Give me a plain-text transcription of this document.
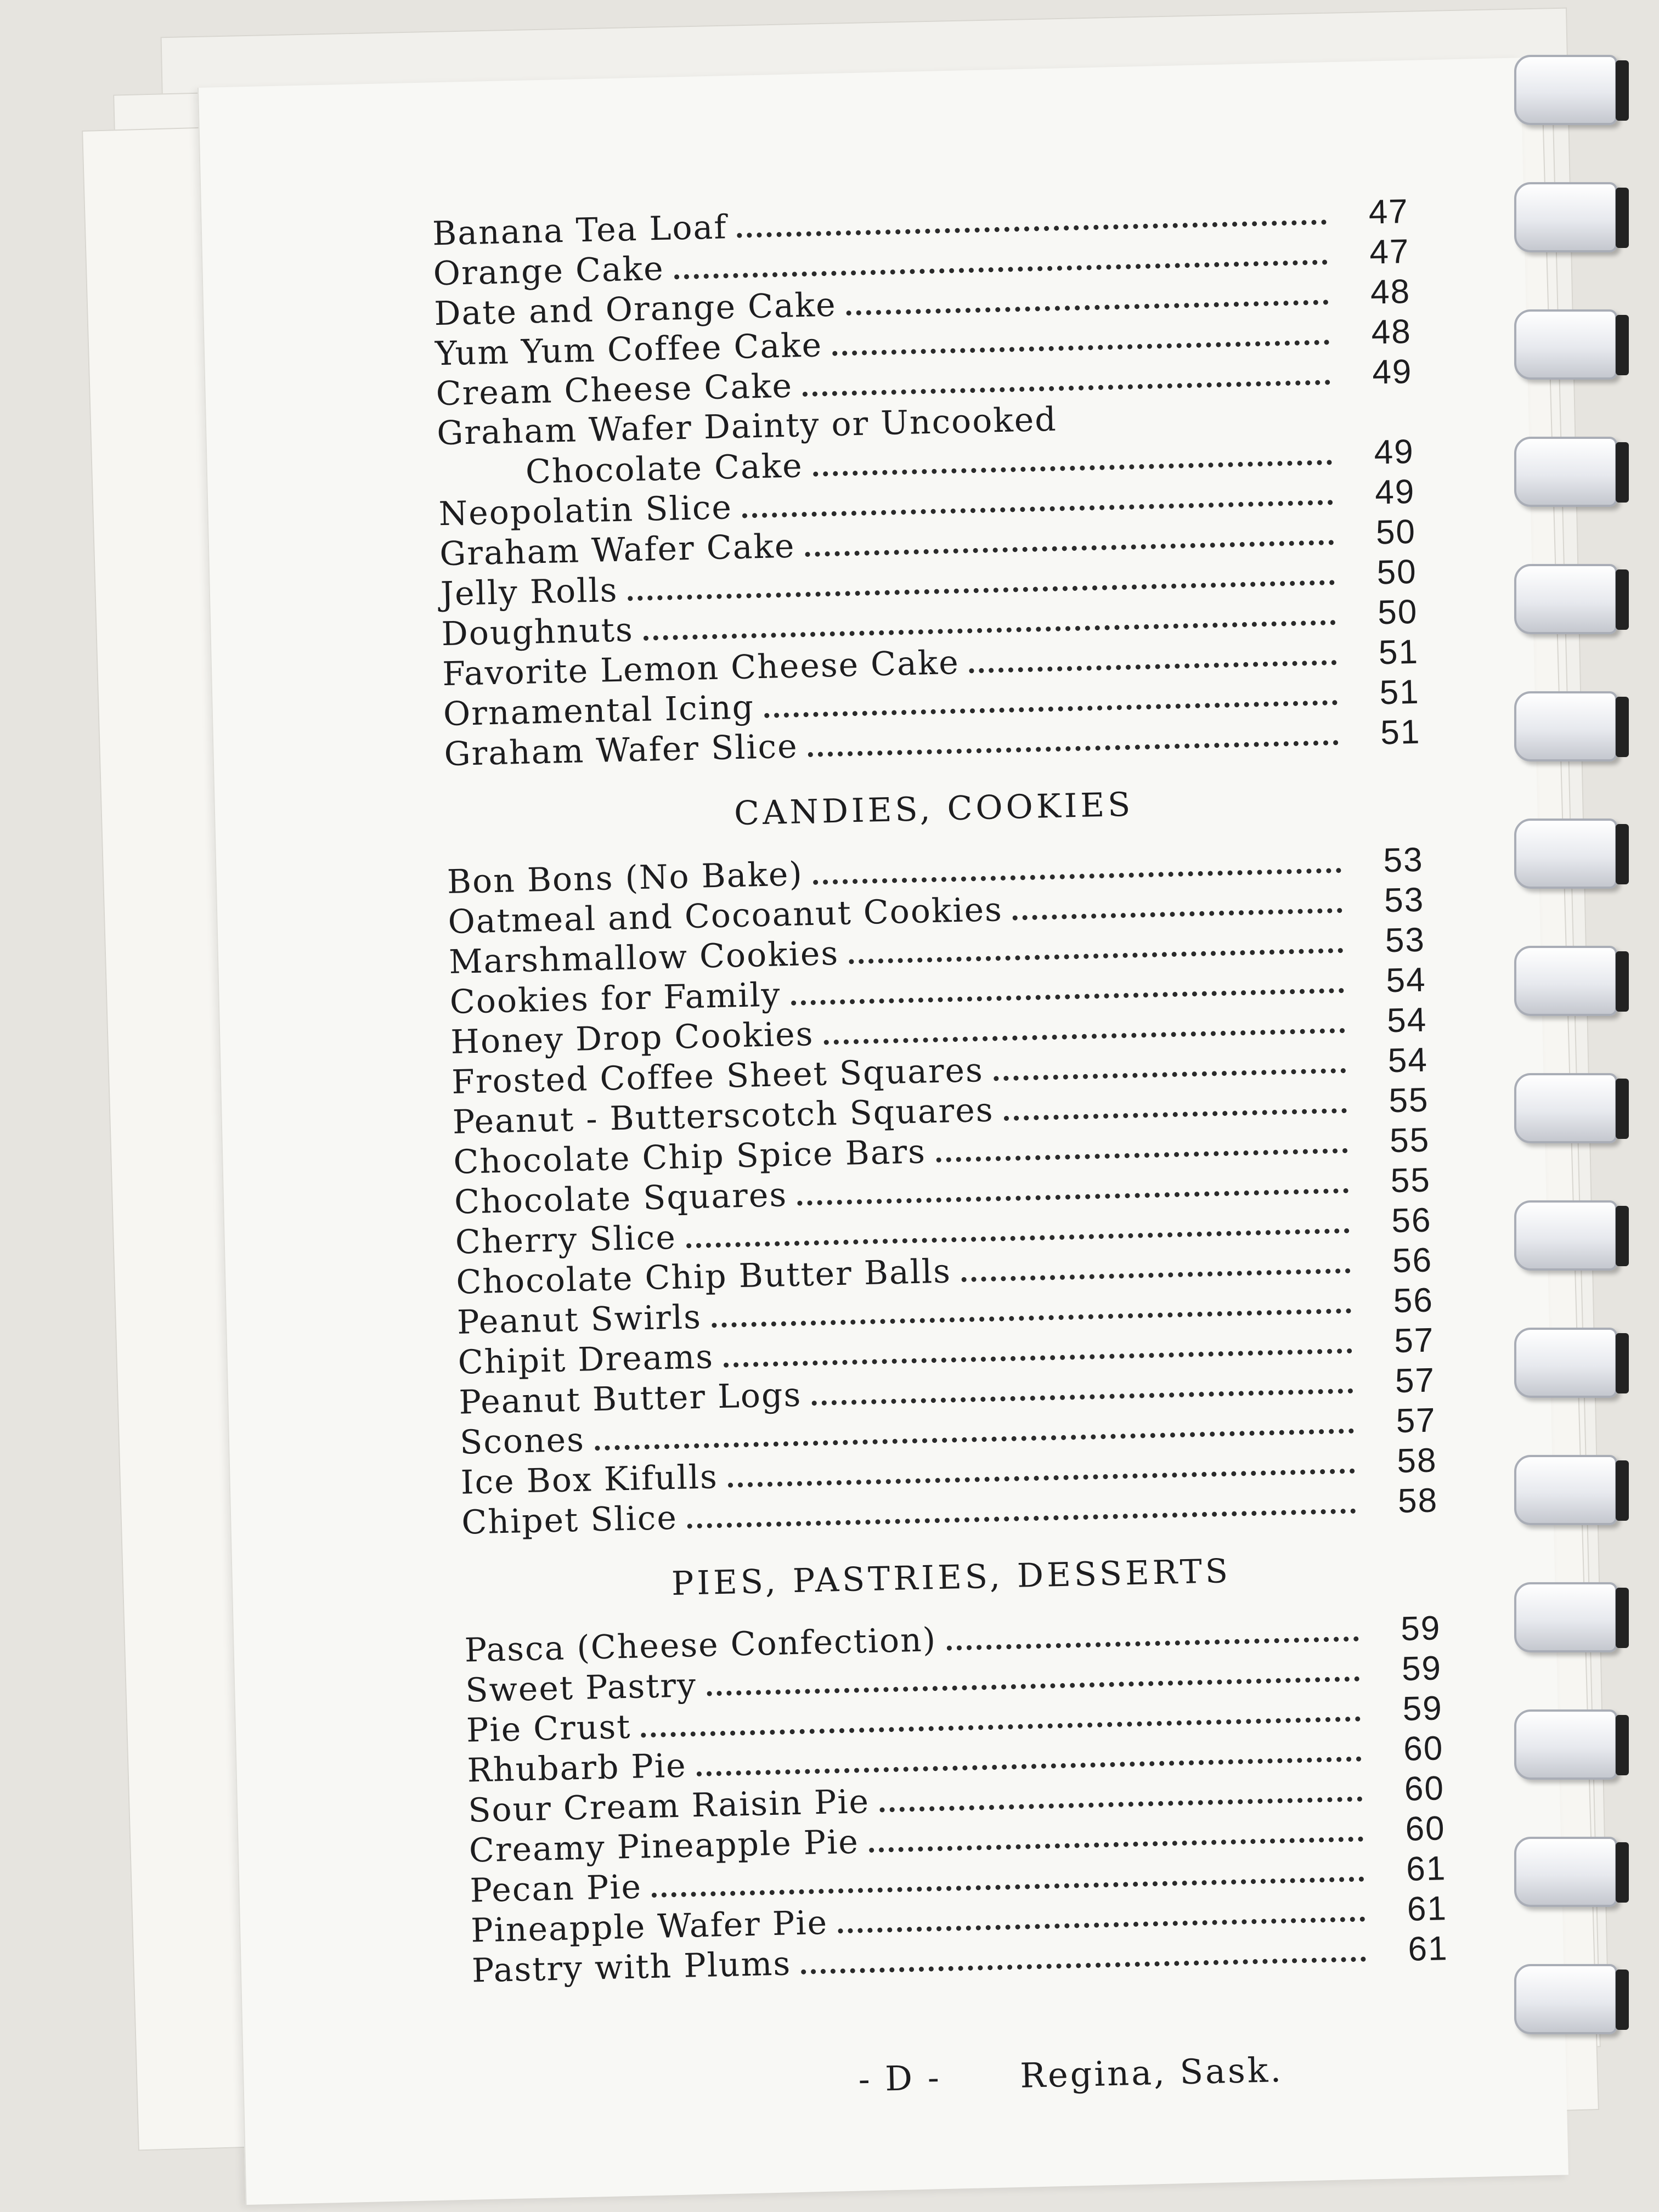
Banana Tea Loaf	47
Orange Cake	47
Date and Orange Cake	48
Yum Yum Coffee Cake	48
Cream Cheese Cake	49
Graham Wafer Dainty or Uncooked
Chocolate Cake	49
Neopolatin Slice	49
Graham Wafer Cake	50
Jelly Rolls	50
Doughnuts	50
Favorite Lemon Cheese Cake	51
Ornamental Icing	51
Graham Wafer Slice	51
CANDIES, COOKIES
Bon Bons (No Bake)	53
Oatmeal and Cocoanut Cookies	53
Marshmallow Cookies	53
Cookies for Family	54
Honey Drop Cookies	54
Frosted Coffee Sheet Squares	54
Peanut - Butterscotch Squares	55
Chocolate Chip Spice Bars	55
Chocolate Squares	55
Cherry Slice	56
Chocolate Chip Butter Balls	56
Peanut Swirls	56
Chipit Dreams	57
Peanut Butter Logs	57
Scones	57
Ice Box Kifulls	58
Chipet Slice	58
PIES, PASTRIES, DESSERTS
Pasca (Cheese Confection)	59
Sweet Pastry	59
Pie Crust	59
Rhubarb Pie	60
Sour Cream Raisin Pie	60
Creamy Pineapple Pie	60
Pecan Pie	61
Pineapple Wafer Pie	61
Pastry with Plums	61
- D - Regina, Sask.
